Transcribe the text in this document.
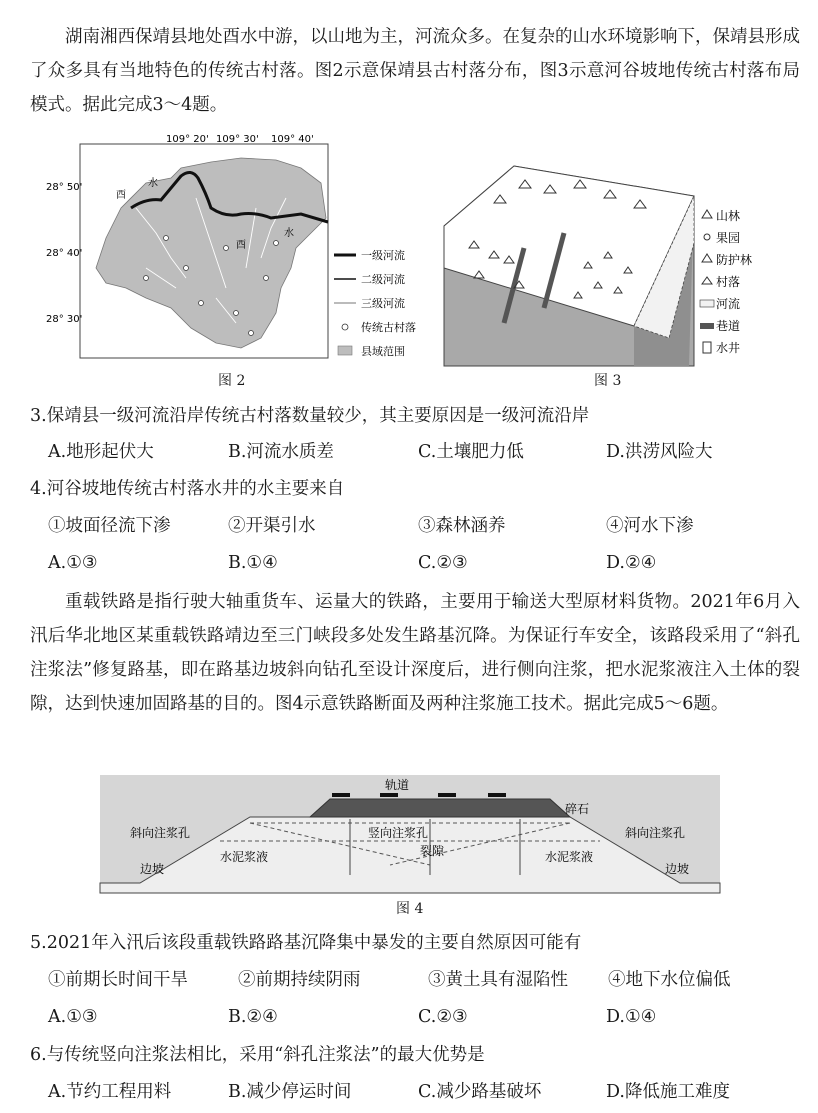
湖南湘西保靖县地处酉水中游，以山地为主，河流众多。在复杂的山水环境影响下，保靖县形成了众多具有当地特色的传统古村落。图2示意保靖县古村落分布，图3示意河谷坡地传统古村落布局模式。据此完成3～4题。

109° 20' 109° 30' 109° 40'
28° 50'
28° 40'
28° 30'
酉
水
酉
水
一级河流
二级河流
三级河流
传统古村落
县域范围
图 2
山林
果园
防护林
村落
河流
巷道
水井
图 3
3.保靖县一级河流沿岸传统古村落数量较少，其主要原因是一级河流沿岸
A.地形起伏大	B.河流水质差	C.土壤肥力低	D.洪涝风险大
4.河谷坡地传统古村落水井的水主要来自
①坡面径流下渗	②开渠引水	③森林涵养	④河水下渗
A.①③	B.①④	C.②③	D.②④

重载铁路是指行驶大轴重货车、运量大的铁路，主要用于输送大型原材料货物。2021年6月入汛后华北地区某重载铁路靖边至三门峡段多处发生路基沉降。为保证行车安全，该路段采用了“斜孔注浆法”修复路基，即在路基边坡斜向钻孔至设计深度后，进行侧向注浆，把水泥浆液注入土体的裂隙，达到快速加固路基的目的。图4示意铁路断面及两种注浆施工技术。据此完成5～6题。

轨道
碎石
斜向注浆孔	斜向注浆孔
竖向注浆孔
裂隙
水泥浆液	水泥浆液
边坡	边坡
图 4
5.2021年入汛后该段重载铁路路基沉降集中暴发的主要自然原因可能有
①前期长时间干旱	②前期持续阴雨	③黄土具有湿陷性 ④地下水位偏低
A.①③	B.②④	C.②③	D.①④
6.与传统竖向注浆法相比，采用“斜孔注浆法”的最大优势是
A.节约工程用料	B.减少停运时间	C.减少路基破坏	D.降低施工难度
